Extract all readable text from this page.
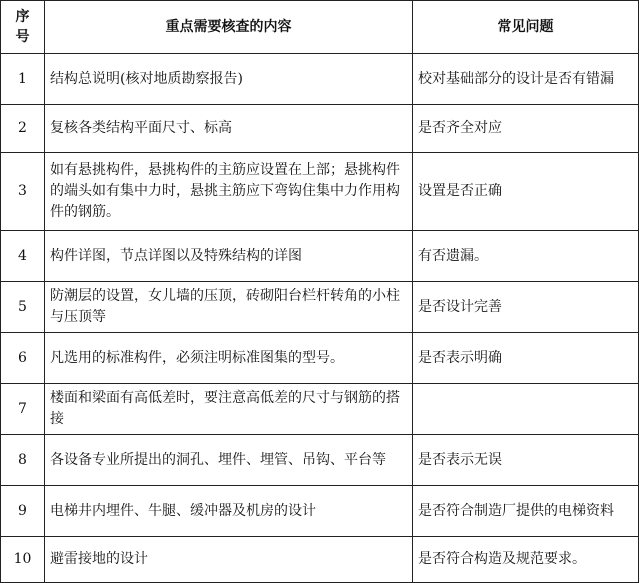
序
号	重点需要核查的内容	常见问题
1	结构总说明(核对地质勘察报告)	校对基础部分的设计是否有错漏
2	复核各类结构平面尺寸、标高	是否齐全对应
3	如有悬挑构件，悬挑构件的主筋应设置在上部；悬挑构件的端头如有集中力时，悬挑主筋应下弯钩住集中力作用构件的钢筋。	设置是否正确
4	构件详图，节点详图以及特殊结构的详图	有否遗漏。
5	防潮层的设置，女儿墙的压顶，砖砌阳台栏杆转角的小柱与压顶等	是否设计完善
6	凡选用的标准构件，必须注明标准图集的型号。	是否表示明确
7	楼面和梁面有高低差时，要注意高低差的尺寸与钢筋的搭接	
8	各设备专业所提出的洞孔、埋件、埋管、吊钩、平台等	是否表示无误
9	电梯井内埋件、牛腿、缓冲器及机房的设计	是否符合制造厂提供的电梯资料
10	避雷接地的设计	是否符合构造及规范要求。
